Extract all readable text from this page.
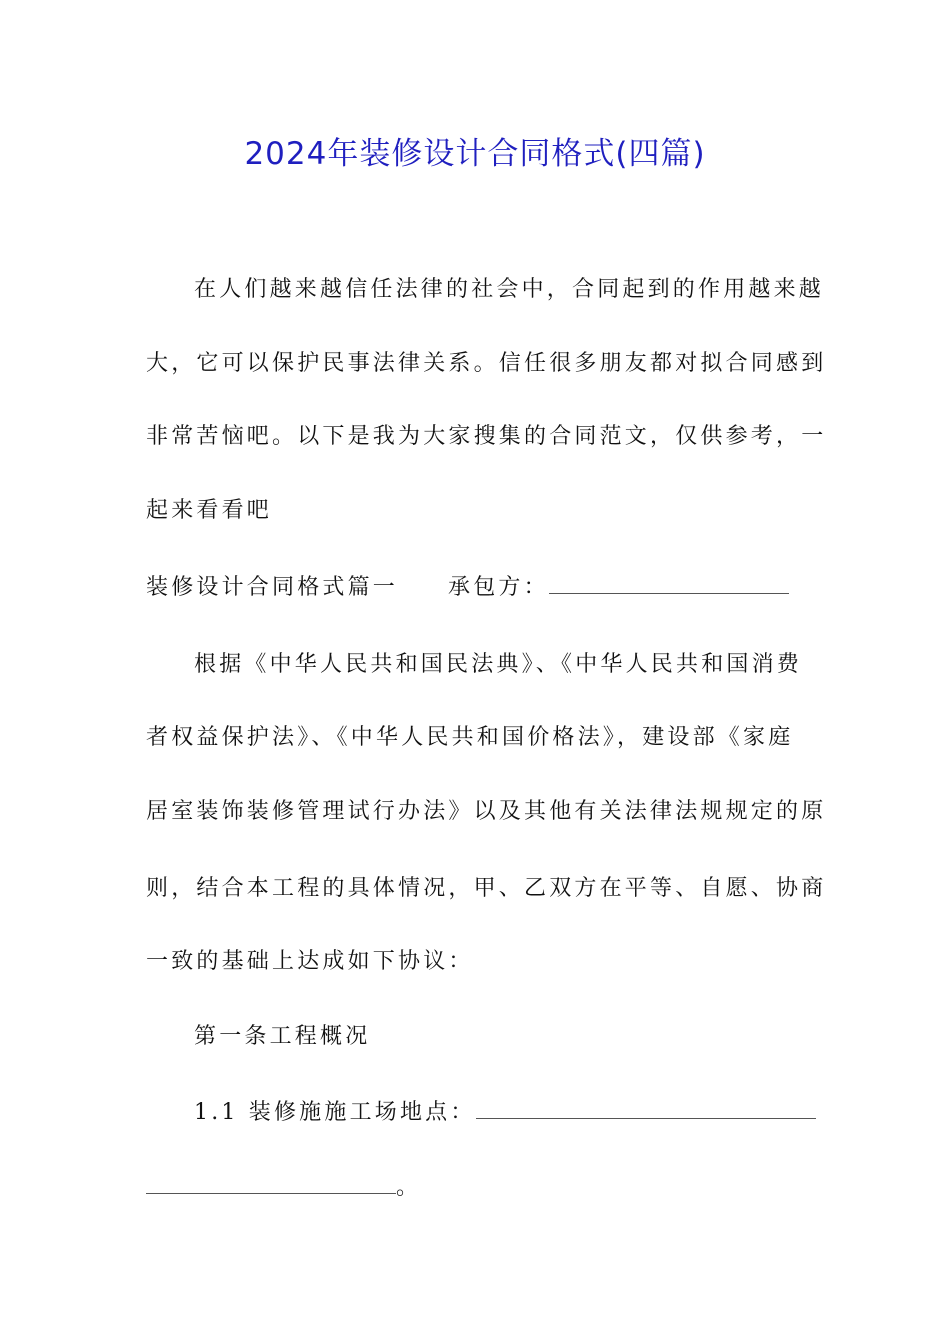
2024年装修设计合同格式(四篇)
在人们越来越信任法律的社会中，合同起到的作用越来越
大，它可以保护民事法律关系。信任很多朋友都对拟合同感到
非常苦恼吧。以下是我为大家搜集的合同范文，仅供参考，一
起来看看吧
装修设计合同格式篇一 承包方：
根据《中华人民共和国民法典》、《中华人民共和国消费
者权益保护法》、《中华人民共和国价格法》，建设部《家庭
居室装饰装修管理试行办法》以及其他有关法律法规规定的原
则，结合本工程的具体情况，甲、乙双方在平等、自愿、协商
一致的基础上达成如下协议：
第一条工程概况
1.1 装修施施工场地点：
。
